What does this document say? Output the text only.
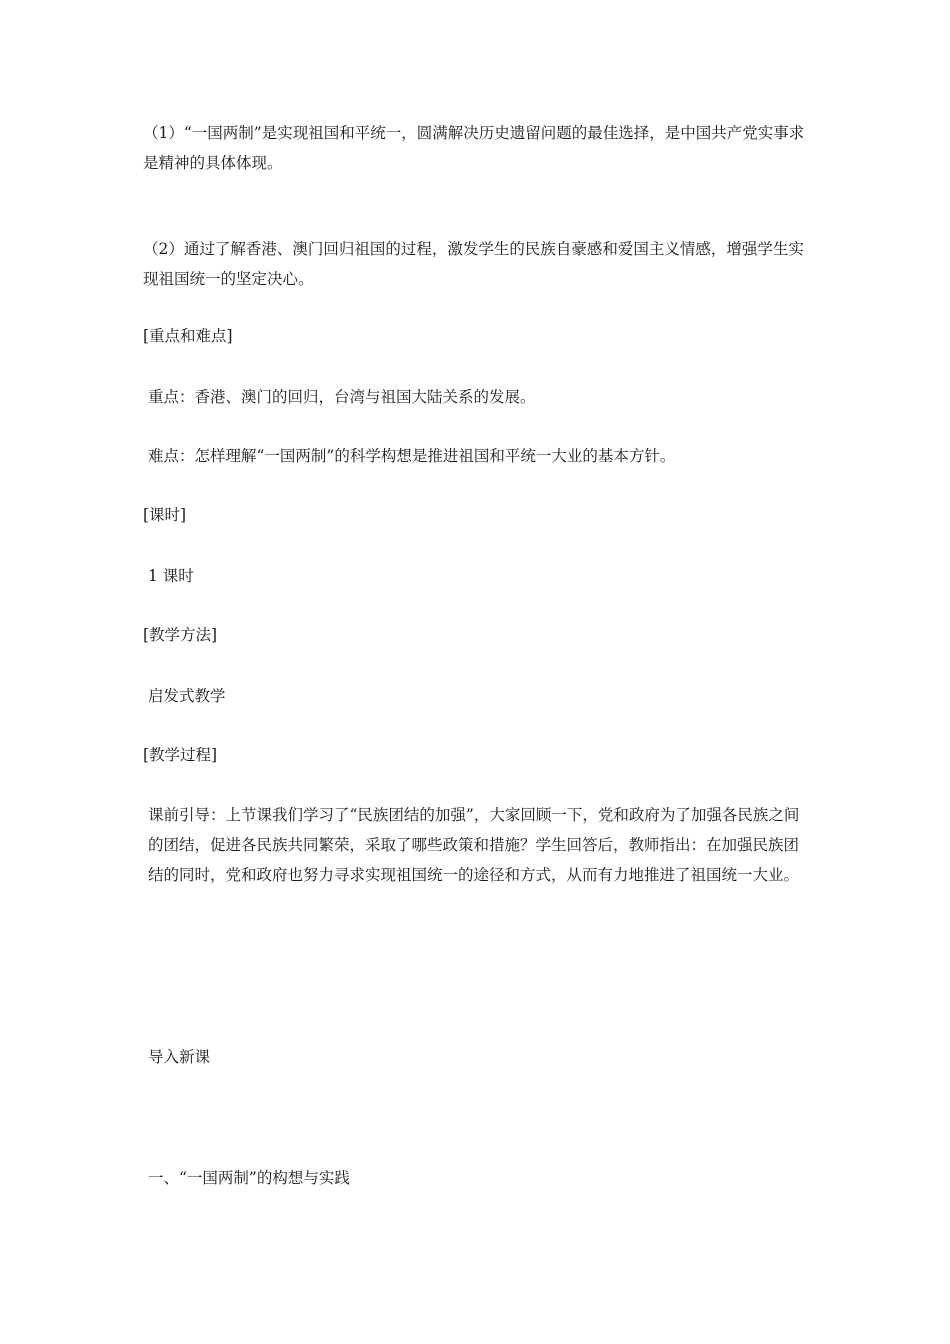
（1）“一国两制”是实现祖国和平统一，圆满解决历史遗留问题的最佳选择，是中国共产党实事求是精神的具体体现。

（2）通过了解香港、澳门回归祖国的过程，激发学生的民族自豪感和爱国主义情感，增强学生实现祖国统一的坚定决心。

[重点和难点]

重点：香港、澳门的回归，台湾与祖国大陆关系的发展。

难点：怎样理解“一国两制”的科学构想是推进祖国和平统一大业的基本方针。

[课时]

1 课时

[教学方法]

启发式教学

[教学过程]

课前引导：上节课我们学习了“民族团结的加强”，大家回顾一下，党和政府为了加强各民族之间的团结，促进各民族共同繁荣，采取了哪些政策和措施？学生回答后，教师指出：在加强民族团结的同时，党和政府也努力寻求实现祖国统一的途径和方式，从而有力地推进了祖国统一大业。

导入新课

一、“一国两制”的构想与实践
